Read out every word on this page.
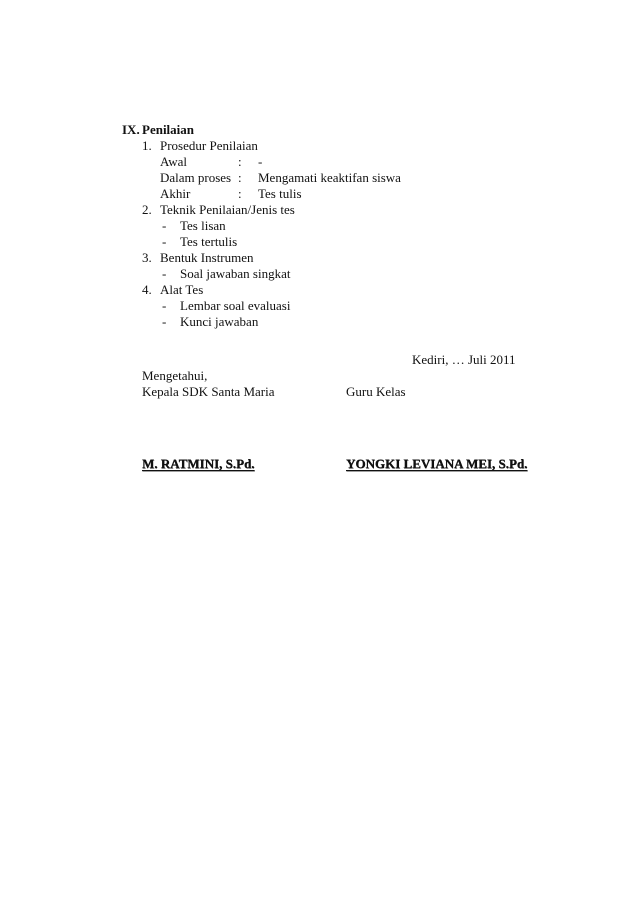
IX. Penilaian
1. Prosedur Penilaian
Awal	: -
Dalam proses : Mengamati keaktifan siswa
Akhir	: Tes tulis
2. Teknik Penilaian/Jenis tes
- Tes lisan
- Tes tertulis
3. Bentuk Instrumen
- Soal jawaban singkat
4. Alat Tes
- Lembar soal evaluasi
- Kunci jawaban
Kediri, … Juli 2011
Mengetahui,
Kepala SDK Santa Maria	Guru Kelas
M. RATMINI, S.Pd.	YONGKI LEVIANA MEI, S.Pd.
